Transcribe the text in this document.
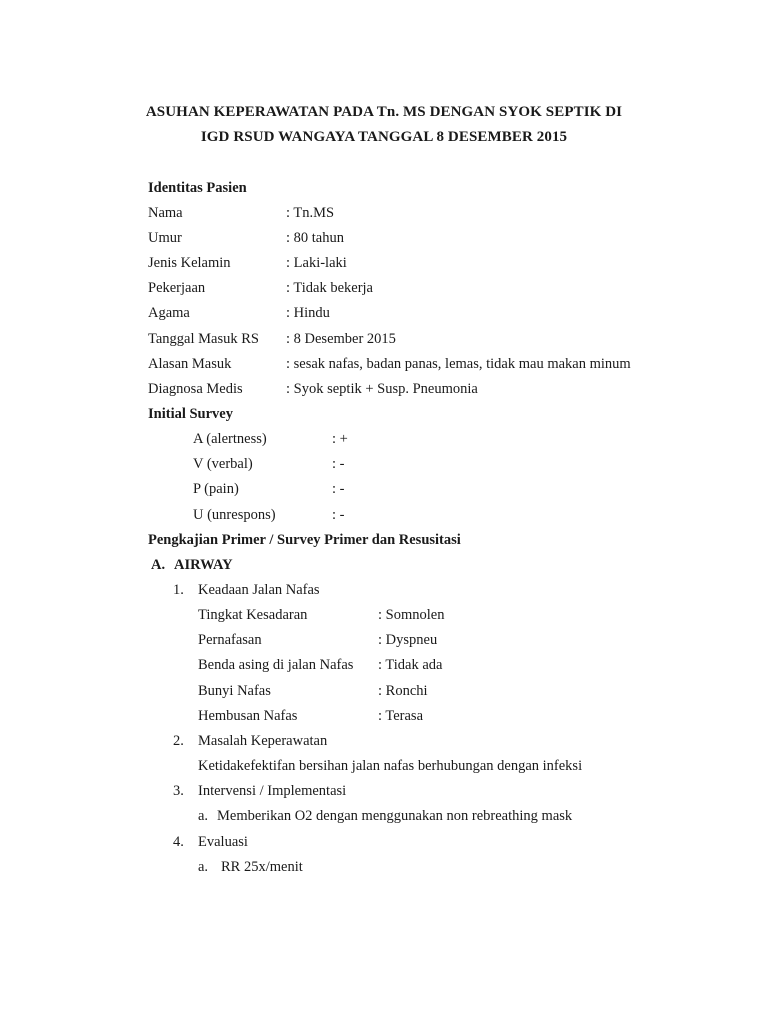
ASUHAN KEPERAWATAN PADA Tn. MS DENGAN SYOK SEPTIK DI
IGD RSUD WANGAYA TANGGAL 8 DESEMBER 2015
Identitas Pasien
Nama	: Tn.MS
Umur	: 80 tahun
Jenis Kelamin	: Laki-laki
Pekerjaan	: Tidak bekerja
Agama	: Hindu
Tanggal Masuk RS : 8 Desember 2015
Alasan Masuk	: sesak nafas, badan panas, lemas, tidak mau makan minum
Diagnosa Medis	: Syok septik + Susp. Pneumonia
Initial Survey
A (alertness)	: +
V (verbal)	: -
P (pain)	: -
U (unrespons)	: -
Pengkajian Primer / Survey Primer dan Resusitasi
A. AIRWAY
1. Keadaan Jalan Nafas
Tingkat Kesadaran	: Somnolen
Pernafasan	: Dyspneu
Benda asing di jalan Nafas : Tidak ada
Bunyi Nafas	: Ronchi
Hembusan Nafas	: Terasa
2. Masalah Keperawatan
Ketidakefektifan bersihan jalan nafas berhubungan dengan infeksi
3. Intervensi / Implementasi
a. Memberikan O2 dengan menggunakan non rebreathing mask
4. Evaluasi
a. RR 25x/menit
